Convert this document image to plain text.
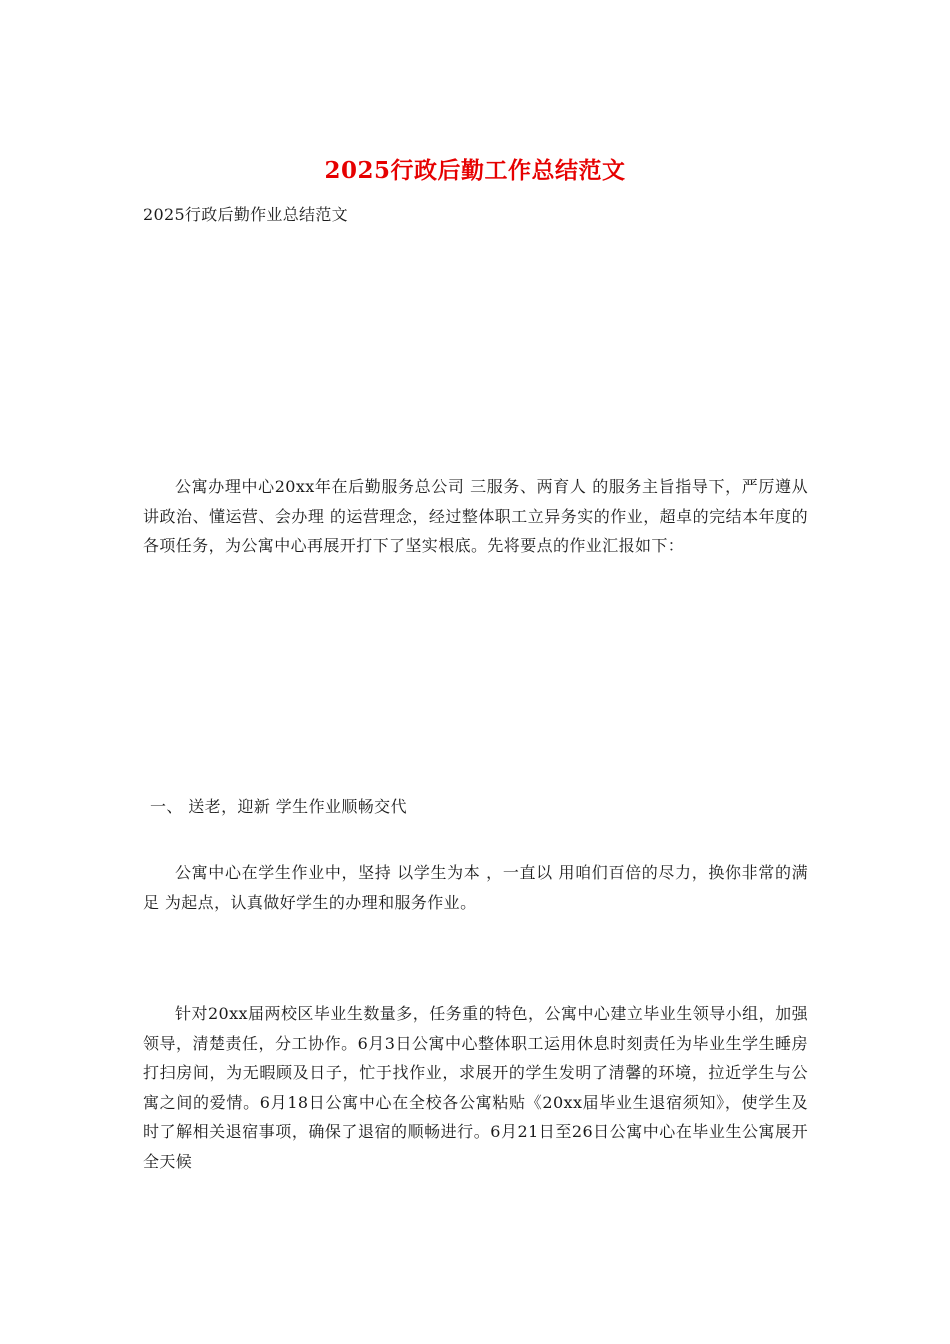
2025行政后勤工作总结范文
2025行政后勤作业总结范文

公寓办理中心20xx年在后勤服务总公司 三服务、两育人 的服务主旨指导下，严厉遵从 讲政治、懂运营、会办理 的运营理念，经过整体职工立异务实的作业，超卓的完结本年度的各项任务，为公寓中心再展开打下了坚实根底。先将要点的作业汇报如下：

一、 送老，迎新 学生作业顺畅交代

公寓中心在学生作业中，坚持 以学生为本 ，一直以 用咱们百倍的尽力，换你非常的满足 为起点，认真做好学生的办理和服务作业。

针对20xx届两校区毕业生数量多，任务重的特色，公寓中心建立毕业生领导小组，加强领导，清楚责任，分工协作。6月3日公寓中心整体职工运用休息时刻责任为毕业生学生睡房打扫房间，为无暇顾及日子，忙于找作业，求展开的学生发明了清馨的环境，拉近学生与公寓之间的爱情。6月18日公寓中心在全校各公寓粘贴《20xx届毕业生退宿须知》，使学生及时了解相关退宿事项，确保了退宿的顺畅进行。6月21日至26日公寓中心在毕业生公寓展开 全天候
